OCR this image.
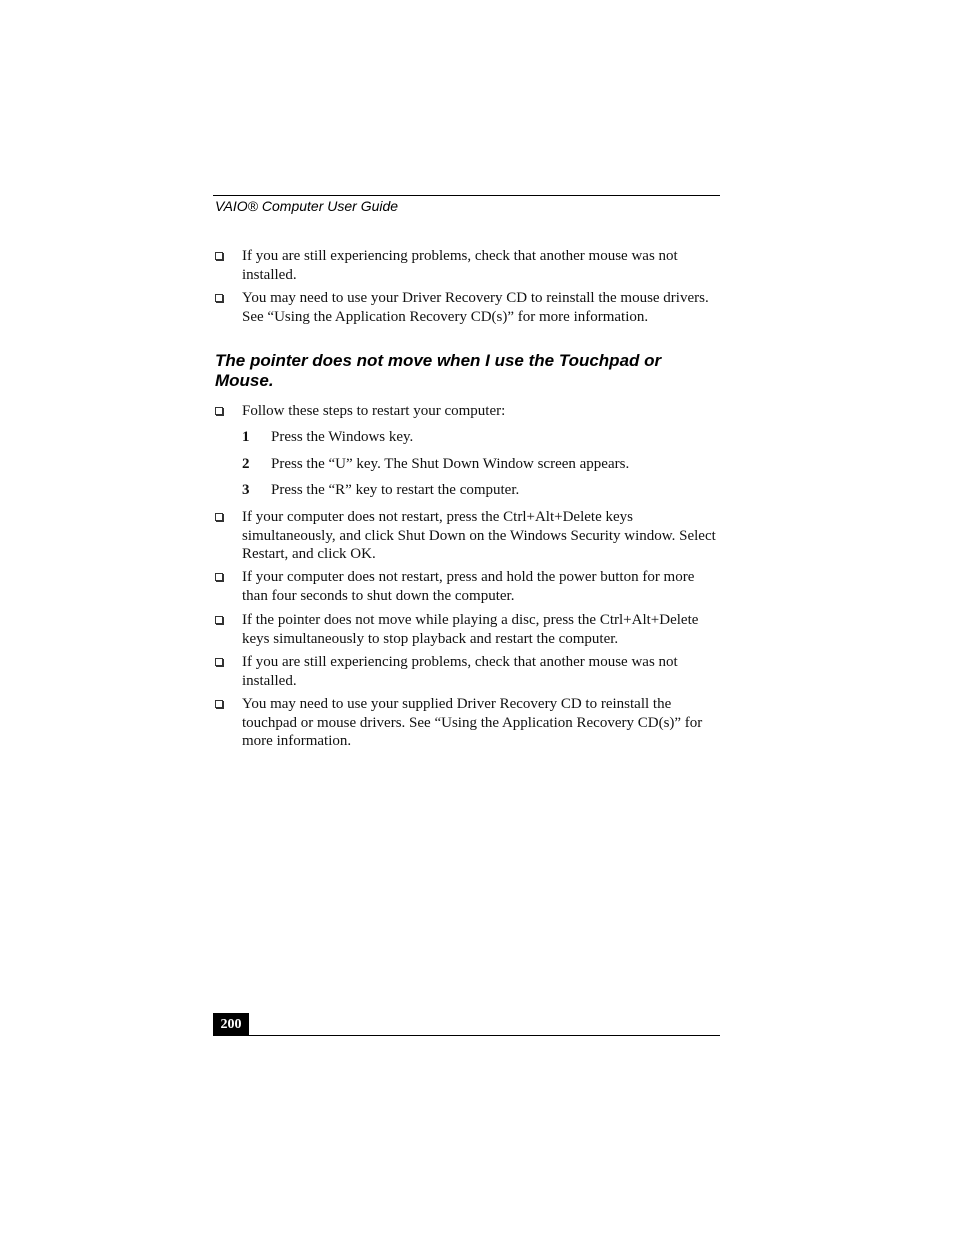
VAIO® Computer User Guide
If you are still experiencing problems, check that another mouse was not installed.
You may need to use your Driver Recovery CD to reinstall the mouse drivers. See “Using the Application Recovery CD(s)” for more information.
The pointer does not move when I use the Touchpad or Mouse.
Follow these steps to restart your computer:
1 Press the Windows key.
2 Press the “U” key. The Shut Down Window screen appears.
3 Press the “R” key to restart the computer.
If your computer does not restart, press the Ctrl+Alt+Delete keys simultaneously, and click Shut Down on the Windows Security window. Select Restart, and click OK.
If your computer does not restart, press and hold the power button for more than four seconds to shut down the computer.
If the pointer does not move while playing a disc, press the Ctrl+Alt+Delete keys simultaneously to stop playback and restart the computer.
If you are still experiencing problems, check that another mouse was not installed.
You may need to use your supplied Driver Recovery CD to reinstall the touchpad or mouse drivers. See “Using the Application Recovery CD(s)” for more information.
200
